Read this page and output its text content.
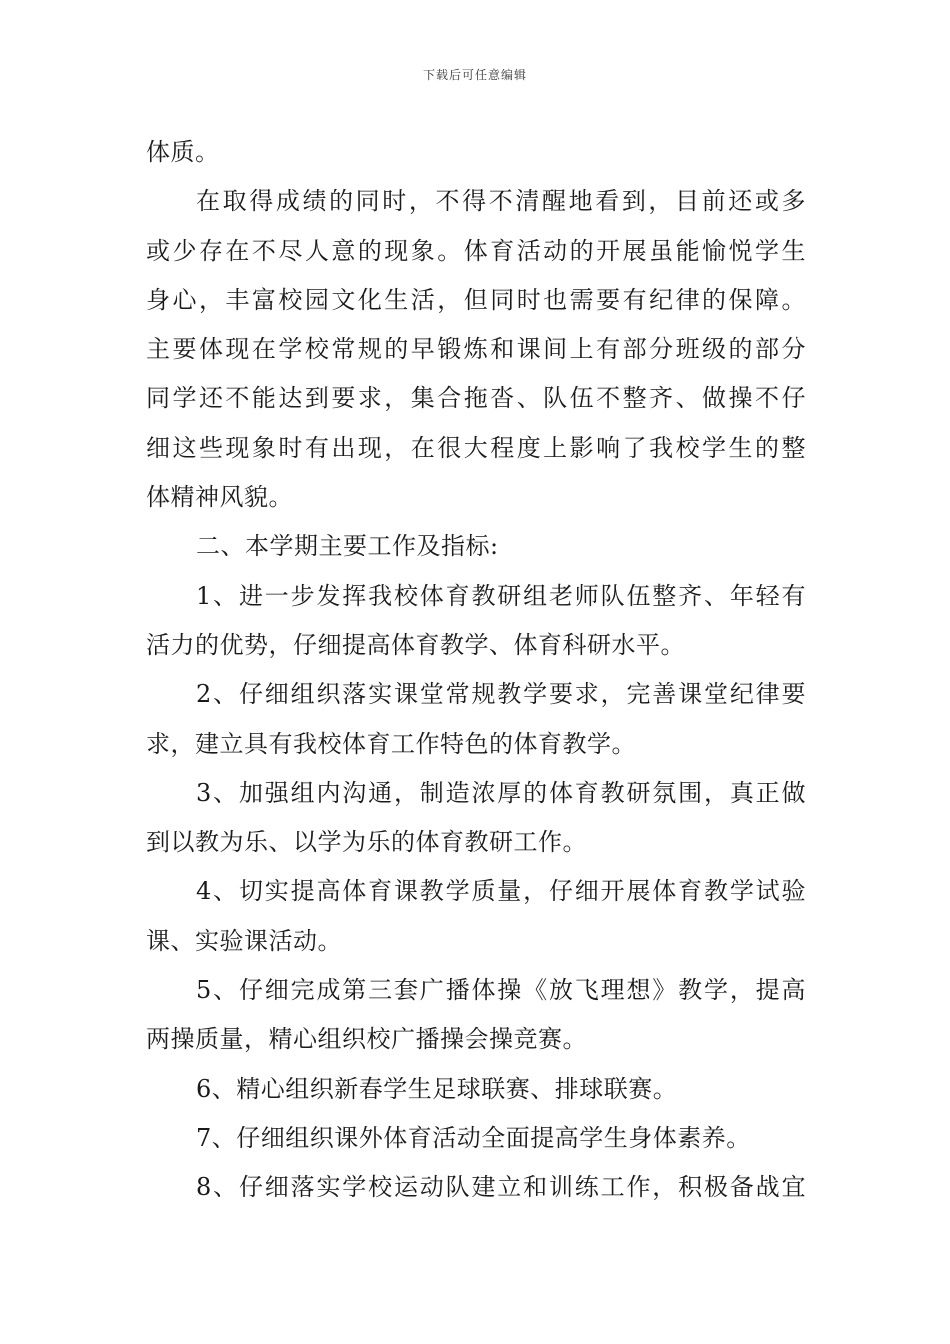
下载后可任意编辑
体质。
在取得成绩的同时，不得不清醒地看到，目前还或多
或少存在不尽人意的现象。体育活动的开展虽能愉悦学生
身心，丰富校园文化生活，但同时也需要有纪律的保障。
主要体现在学校常规的早锻炼和课间上有部分班级的部分
同学还不能达到要求，集合拖沓、队伍不整齐、做操不仔
细这些现象时有出现，在很大程度上影响了我校学生的整
体精神风貌。
二、本学期主要工作及指标:
1、进一步发挥我校体育教研组老师队伍整齐、年轻有
活力的优势，仔细提高体育教学、体育科研水平。
2、仔细组织落实课堂常规教学要求，完善课堂纪律要
求，建立具有我校体育工作特色的体育教学。
3、加强组内沟通，制造浓厚的体育教研氛围，真正做
到以教为乐、以学为乐的体育教研工作。
4、切实提高体育课教学质量，仔细开展体育教学试验
课、实验课活动。
5、仔细完成第三套广播体操《放飞理想》教学，提高
两操质量，精心组织校广播操会操竞赛。
6、精心组织新春学生足球联赛、排球联赛。
7、仔细组织课外体育活动全面提高学生身体素养。
8、仔细落实学校运动队建立和训练工作，积极备战宜
